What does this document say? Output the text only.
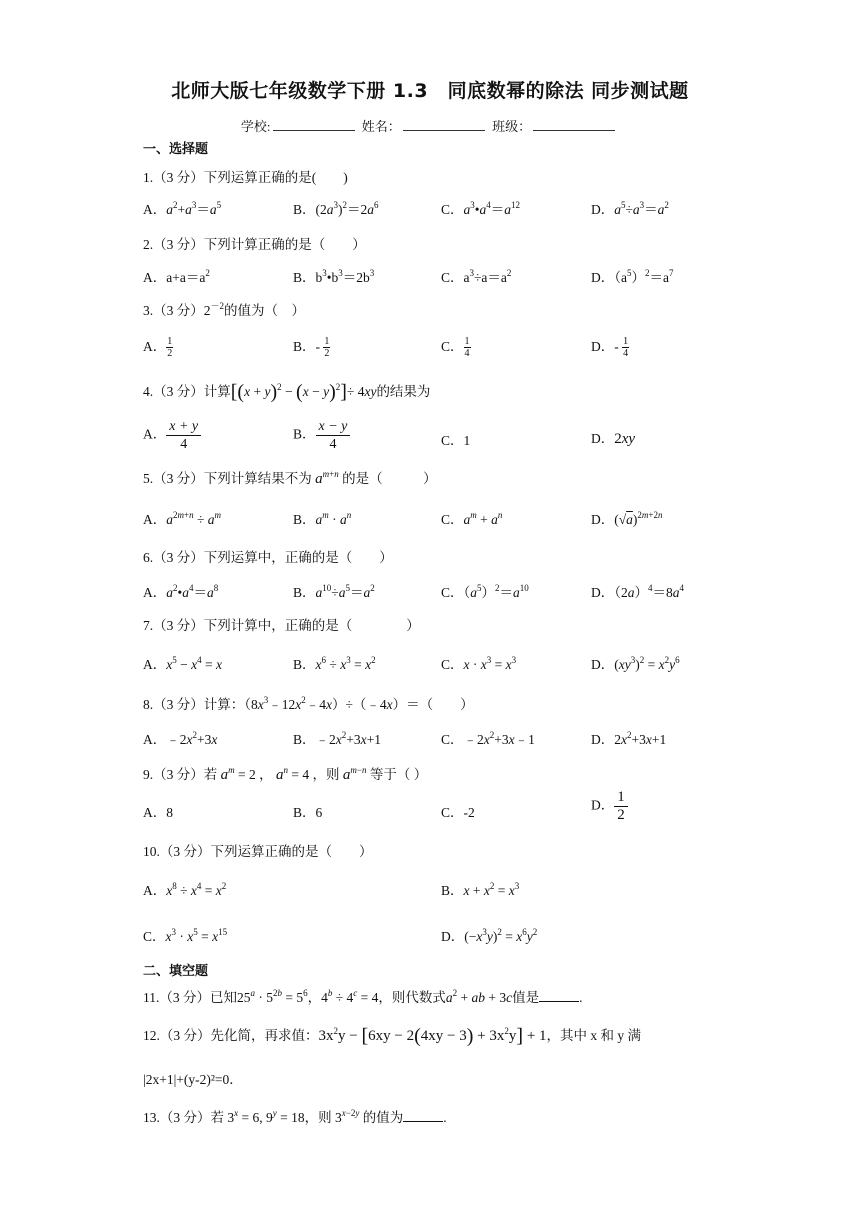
北师大版七年级数学下册 1.3　同底数幂的除法 同步测试题
学校:	姓名：	班级：
一、选择题
1.（3 分）下列运算正确的是(　　)
A．$a^2+a^3=a^5$	B．$(2a^3)^2=2a^6$	C．$a^3•a^4=a^{12}$	D．$a^5\div a^3=a^2$
2.（3 分）下列计算正确的是（　　）
A．$a+a=a^2$	B．$b^3•b^3=2b^3$	C．$a^3\div a=a^2$	D．$(a^5)^2=a^7$
3.（3 分）$2^{-2}$的值为（　）
A． $\frac{1}{2}$	B．- $\frac{1}{2}$	C． $\frac{1}{4}$	D．- $\frac{1}{4}$
4.（3 分）计算$[(x + y)^2 - (x - y)^2]\div 4xy$的结果为
A． $\frac{x + y}{4}$	B． $\frac{x - y}{4}$	C．1	D．2xy
5.（3 分）下列计算结果不为 $a^{m+n}$ 的是（　　　）
A．$a^{2m+n} \div a^m$	B．$a^m \cdot a^n$	C．$a^m + a^n$	D．$(√a)^{2m+2n}$
6.（3 分）下列运算中，正确的是（　　）
A．$a^2•a^4=a^8$	B．$a^{10}\div a^5=a^2$	C．$(a^5)^2=a^{10}$	D．$(2a)^4=8a^4$
7.（3 分）下列计算中，正确的是（　　　　）
A．$x^5 - x^4 = x$	B．$x^6 \div x^3 = x^2$	C．$x \cdot x^3 = x^3$	D．$(xy^3)^2 = x^2y^6$
8.（3 分）计算：$(8x^3﹣12x^2﹣4x)\div(﹣4x)=$（　　）
A．$﹣2x^2+3x$	B．$﹣2x^2+3x+1$	C．$﹣2x^2+3x﹣1$	D．$2x^2+3x+1$
9.（3 分）若 $a^m = 2$ ， $a^n = 4$ ，则 $a^{m-n}$ 等于（ ）
A．8	B．6	C．-2	D． $\frac{1}{2}$
10.（3 分）下列运算正确的是（　　）
A．$x^8 \div x^4 = x^2$	B．$x + x^2 = x^3$
C．$x^3 \cdot x^5 = x^{15}$	D．$(-x^3y)^2 = x^6y^2$
二、填空题
11.（3 分）已知$25^a \cdot 5^{2b} = 5^6$，$4^b \div 4^c = 4$，则代数式$a^2$ + ab + 3c值是	.
12.（3 分）先化简，再求值：$3x^2y - [6xy - 2(4xy - 3) + 3x^2y] + 1$，其中 x 和 y 满
|2x+1|+(y-2)²=0．
13.（3 分）若 $3^x = 6$, $9^y = 18$，则 $3^{x-2y}$ 的值为	.
